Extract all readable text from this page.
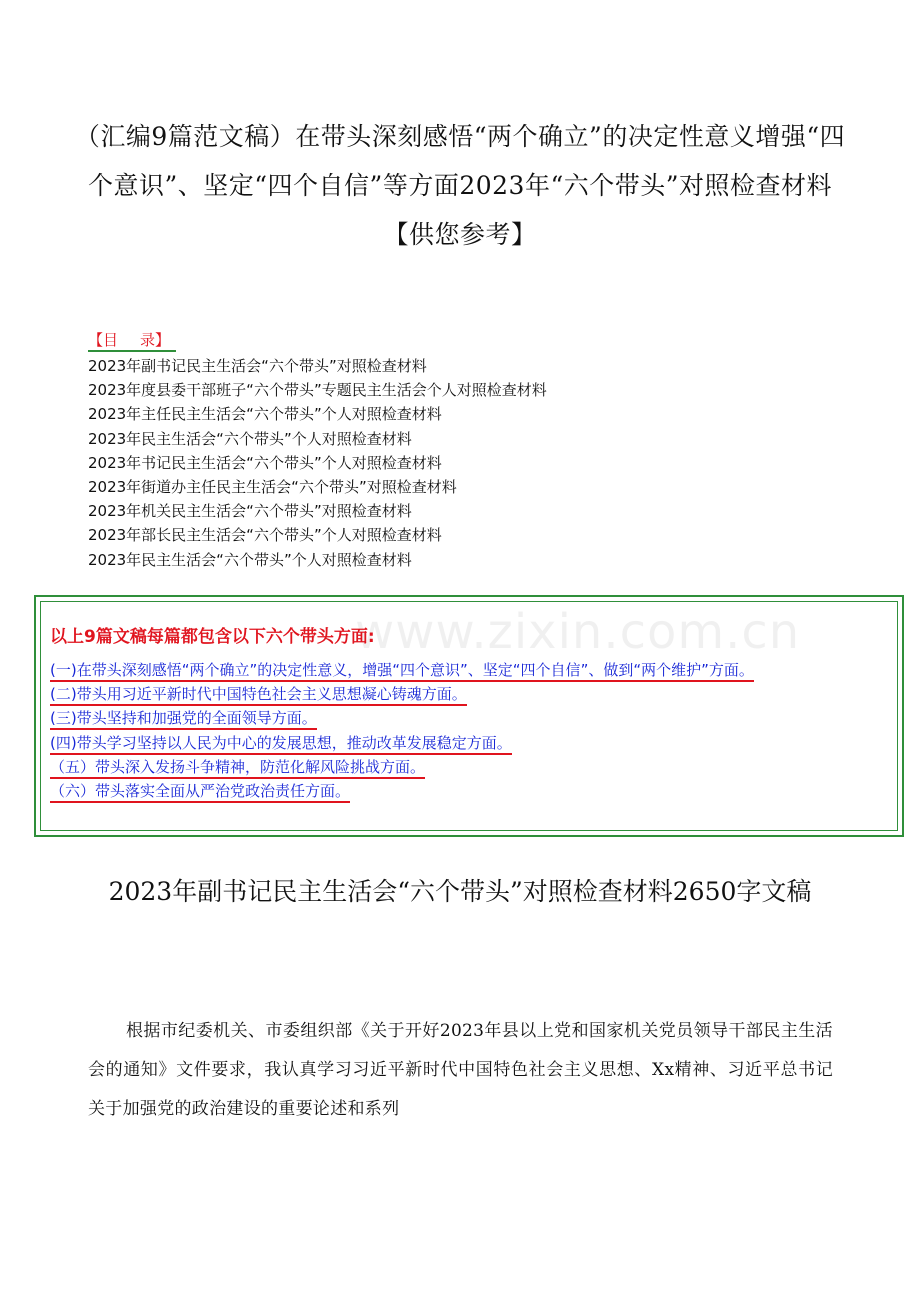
（汇编9篇范文稿）在带头深刻感悟“两个确立”的决定性意义增强“四个意识”、坚定“四个自信”等方面2023年“六个带头”对照检查材料【供您参考】
【目 录】
2023年副书记民主生活会“六个带头”对照检查材料
2023年度县委干部班子“六个带头”专题民主生活会个人对照检查材料
2023年主任民主生活会“六个带头”个人对照检查材料
2023年民主生活会“六个带头”个人对照检查材料
2023年书记民主生活会“六个带头”个人对照检查材料
2023年街道办主任民主生活会“六个带头”对照检查材料
2023年机关民主生活会“六个带头”对照检查材料
2023年部长民主生活会“六个带头”个人对照检查材料
2023年民主生活会“六个带头”个人对照检查材料
www.zixin.com.cn
以上9篇文稿每篇都包含以下六个带头方面:
(一)在带头深刻感悟“两个确立”的决定性意义，增强“四个意识”、坚定“四个自信”、做到“两个维护”方面。
(二)带头用习近平新时代中国特色社会主义思想凝心铸魂方面。
(三)带头坚持和加强党的全面领导方面。
(四)带头学习坚持以人民为中心的发展思想，推动改革发展稳定方面。
（五）带头深入发扬斗争精神，防范化解风险挑战方面。
（六）带头落实全面从严治党政治责任方面。
2023年副书记民主生活会“六个带头”对照检查材料2650字文稿

根据市纪委机关、市委组织部《关于开好2023年县以上党和国家机关党员领导干部民主生活会的通知》文件要求，我认真学习习近平新时代中国特色社会主义思想、Xx精神、习近平总书记关于加强党的政治建设的重要论述和系列
